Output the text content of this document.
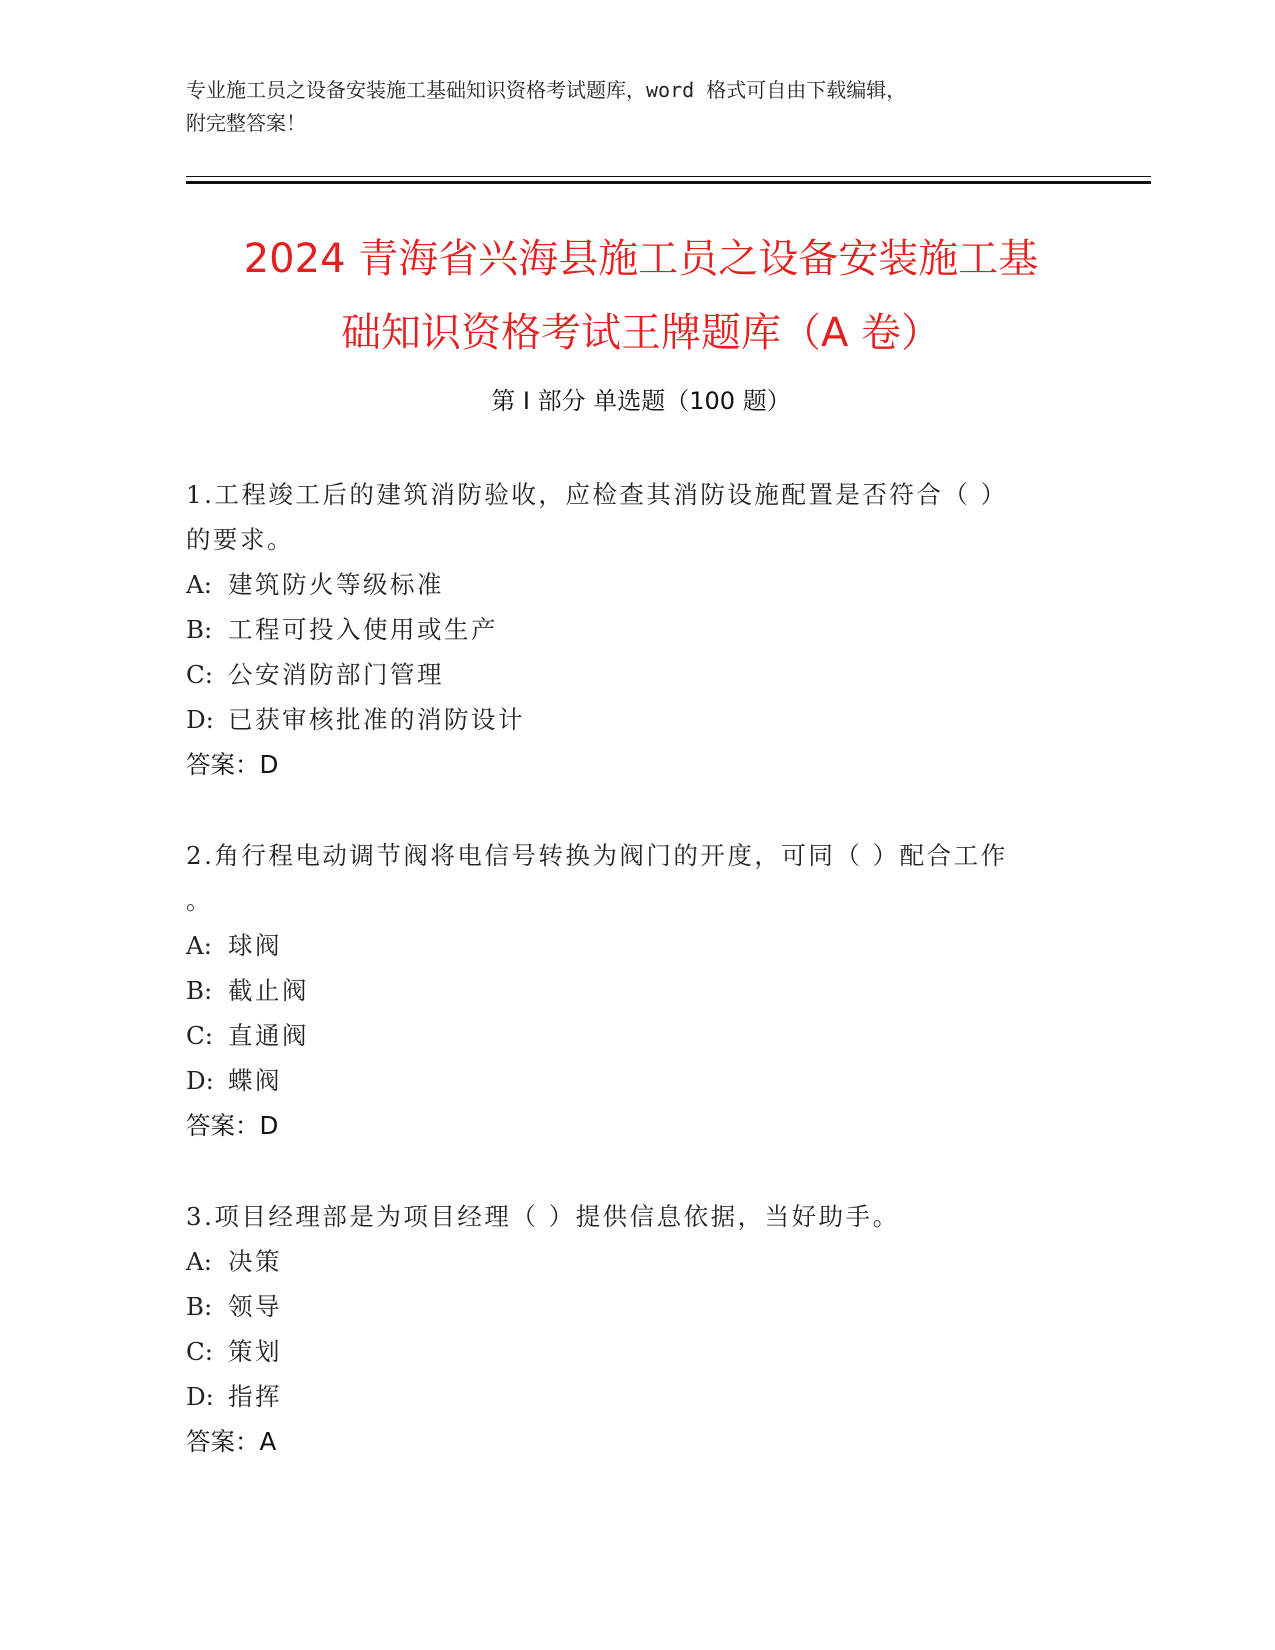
专业施工员之设备安装施工基础知识资格考试题库，word 格式可自由下载编辑，
附完整答案！
2024 青海省兴海县施工员之设备安装施工基
础知识资格考试王牌题库（A 卷）
第 I 部分 单选题（100 题）
1.工程竣工后的建筑消防验收，应检查其消防设施配置是否符合（ ）
的要求。
A: 建筑防火等级标准
B: 工程可投入使用或生产
C: 公安消防部门管理
D: 已获审核批准的消防设计
答案：D
2.角行程电动调节阀将电信号转换为阀门的开度，可同（ ）配合工作
。
A: 球阀
B: 截止阀
C: 直通阀
D: 蝶阀
答案：D
3.项目经理部是为项目经理（ ）提供信息依据，当好助手。
A: 决策
B: 领导
C: 策划
D: 指挥
答案：A
